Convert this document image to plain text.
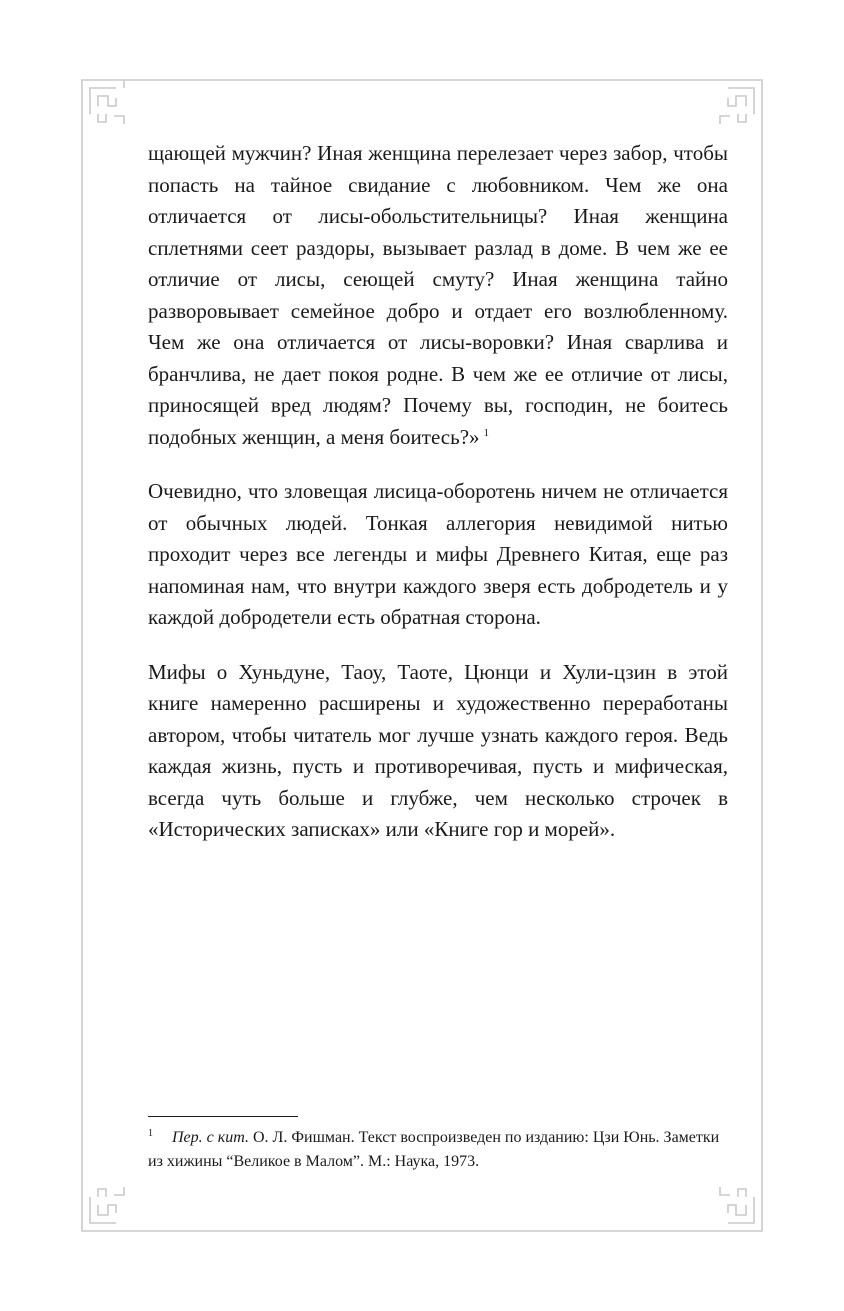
щающей мужчин? Иная женщина перелезает через забор, чтобы попасть на тайное свидание с любовником. Чем же она отличается от лисы-обольстительницы? Иная женщина сплетнями сеет раздоры, вызывает разлад в доме. В чем же ее отличие от лисы, сеющей смуту? Иная женщина тайно разворовывает семейное добро и отдает его возлюбленному. Чем же она отличается от лисы-воровки? Иная сварлива и бранчлива, не дает покоя родне. В чем же ее отличие от лисы, приносящей вред людям? Почему вы, господин, не боитесь подобных женщин, а меня боитесь?» $^1$

Очевидно, что зловещая лисица-оборотень ничем не отличается от обычных людей. Тонкая аллегория невидимой нитью проходит через все легенды и мифы Древнего Китая, еще раз напоминая нам, что внутри каждого зверя есть добродетель и у каждой добродетели есть обратная сторона.

Мифы о Хуньдуне, Таоу, Таоте, Цюнци и Хули-цзин в этой книге намеренно расширены и художественно переработаны автором, чтобы читатель мог лучше узнать каждого героя. Ведь каждая жизнь, пусть и противоречивая, пусть и мифическая, всегда чуть больше и глубже, чем несколько строчек в «Исторических записках» или «Книге гор и морей».

1 Пер. с кит. О. Л. Фишман. Текст воспроизведен по изданию: Цзи Юнь. Заметки из хижины “Великое в Малом”. М.: Наука, 1973.
